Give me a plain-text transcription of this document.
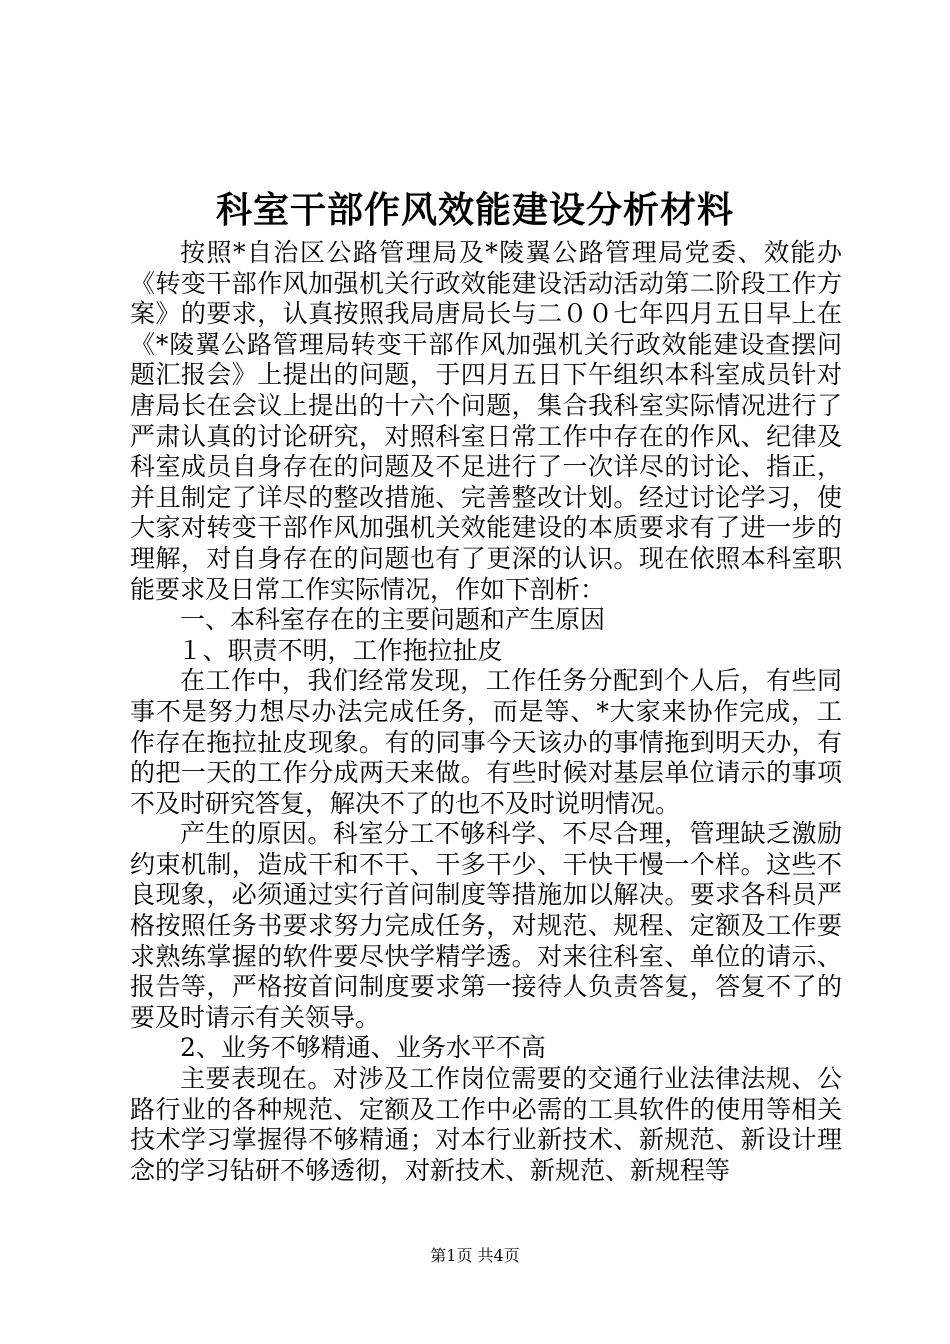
科室干部作风效能建设分析材料

按照*自治区公路管理局及*陵翼公路管理局党委、效能办《转变干部作风加强机关行政效能建设活动活动第二阶段工作方案》的要求，认真按照我局唐局长与二００七年四月五日早上在《*陵翼公路管理局转变干部作风加强机关行政效能建设查摆问题汇报会》上提出的问题，于四月五日下午组织本科室成员针对唐局长在会议上提出的十六个问题，集合我科室实际情况进行了严肃认真的讨论研究，对照科室日常工作中存在的作风、纪律及科室成员自身存在的问题及不足进行了一次详尽的讨论、指正，并且制定了详尽的整改措施、完善整改计划。经过讨论学习，使大家对转变干部作风加强机关效能建设的本质要求有了进一步的理解，对自身存在的问题也有了更深的认识。现在依照本科室职能要求及日常工作实际情况，作如下剖析：

一、本科室存在的主要问题和产生原因

１、职责不明，工作拖拉扯皮

在工作中，我们经常发现，工作任务分配到个人后，有些同事不是努力想尽办法完成任务，而是等、*大家来协作完成，工作存在拖拉扯皮现象。有的同事今天该办的事情拖到明天办，有的把一天的工作分成两天来做。有些时候对基层单位请示的事项不及时研究答复，解决不了的也不及时说明情况。

产生的原因。科室分工不够科学、不尽合理，管理缺乏激励约束机制，造成干和不干、干多干少、干快干慢一个样。这些不良现象，必须通过实行首问制度等措施加以解决。要求各科员严格按照任务书要求努力完成任务，对规范、规程、定额及工作要求熟练掌握的软件要尽快学精学透。对来往科室、单位的请示、报告等，严格按首问制度要求第一接待人负责答复，答复不了的要及时请示有关领导。

2、业务不够精通、业务水平不高

主要表现在。对涉及工作岗位需要的交通行业法律法规、公路行业的各种规范、定额及工作中必需的工具软件的使用等相关技术学习掌握得不够精通；对本行业新技术、新规范、新设计理念的学习钻研不够透彻，对新技术、新规范、新规程等

第1页 共4页
